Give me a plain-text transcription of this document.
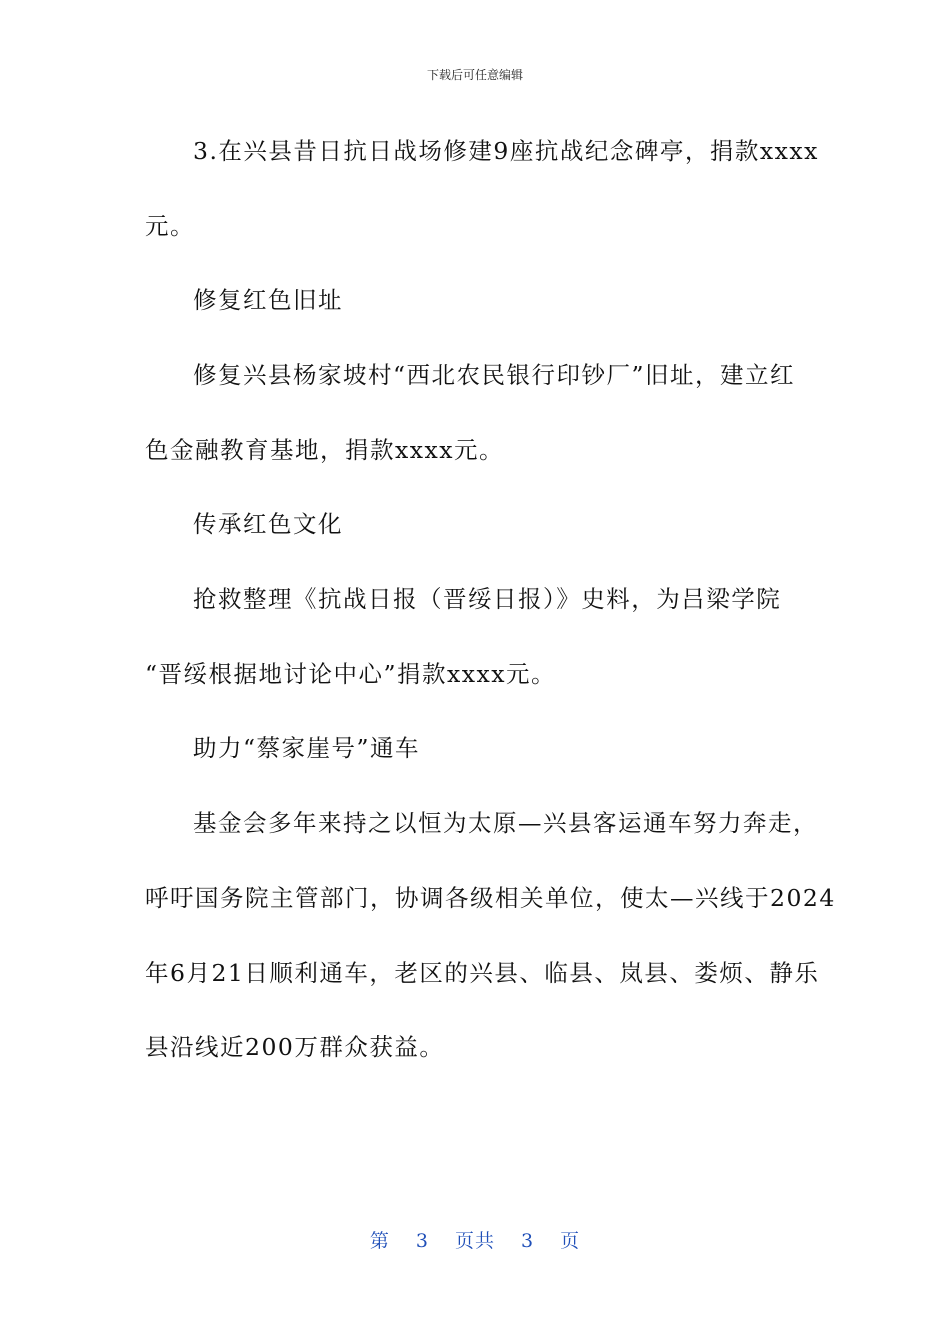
下载后可任意编辑
3.在兴县昔日抗日战场修建9座抗战纪念碑亭，捐款xxxx
元。
修复红色旧址
修复兴县杨家坡村“西北农民银行印钞厂”旧址，建立红
色金融教育基地，捐款xxxx元。
传承红色文化
抢救整理《抗战日报（晋绥日报）》史料，为吕梁学院
“晋绥根据地讨论中心”捐款xxxx元。
助力“蔡家崖号”通车
基金会多年来持之以恒为太原—兴县客运通车努力奔走，
呼吁国务院主管部门，协调各级相关单位，使太—兴线于2024
年6月21日顺利通车，老区的兴县、临县、岚县、娄烦、静乐
县沿线近200万群众获益。
第 3 页共 3 页
